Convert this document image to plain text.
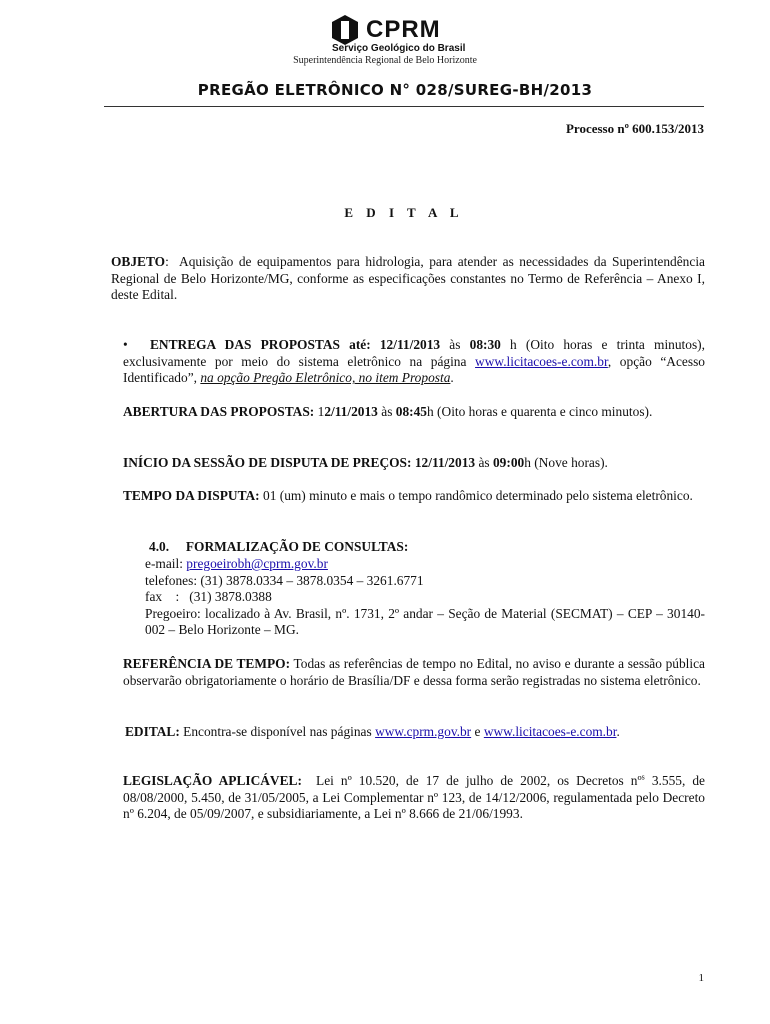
CPRM
Serviço Geológico do Brasil
Superintendência Regional de Belo Horizonte
PREGÃO ELETRÔNICO N° 028/SUREG-BH/2013
Processo nº 600.153/2013
E D I T A L
OBJETO:  Aquisição de equipamentos para hidrologia, para atender as necessidades da Superintendência Regional de Belo Horizonte/MG, conforme as especificações constantes no Termo de Referência – Anexo I, deste Edital.
• ENTREGA DAS PROPOSTAS até: 12/11/2013 às 08:30 h (Oito horas e trinta minutos), exclusivamente por meio do sistema eletrônico na página www.licitacoes-e.com.br, opção “Acesso Identificado”, na opção Pregão Eletrônico, no item Proposta.
ABERTURA DAS PROPOSTAS: 12/11/2013 às 08:45h (Oito horas e quarenta e cinco minutos).
INÍCIO DA SESSÃO DE DISPUTA DE PREÇOS: 12/11/2013 às 09:00h (Nove horas).
TEMPO DA DISPUTA: 01 (um) minuto e mais o tempo randômico determinado pelo sistema eletrônico.
4.0. FORMALIZAÇÃO DE CONSULTAS:
e-mail: pregoeirobh@cprm.gov.br
telefones: (31) 3878.0334 – 3878.0354 – 3261.6771
fax    :   (31) 3878.0388
Pregoeiro: localizado à Av. Brasil, nº. 1731, 2º andar – Seção de Material (SECMAT) – CEP – 30140-002 – Belo Horizonte – MG.
REFERÊNCIA DE TEMPO: Todas as referências de tempo no Edital, no aviso e durante a sessão pública observarão obrigatoriamente o horário de Brasília/DF e dessa forma serão registradas no sistema eletrônico.
EDITAL: Encontra-se disponível nas páginas www.cprm.gov.br e www.licitacoes-e.com.br.
LEGISLAÇÃO APLICÁVEL: Lei nº 10.520, de 17 de julho de 2002, os Decretos nº$^s$ 3.555, de 08/08/2000, 5.450, de 31/05/2005, a Lei Complementar nº 123, de 14/12/2006, regulamentada pelo Decreto nº 6.204, de 05/09/2007, e subsidiariamente, a Lei nº 8.666 de 21/06/1993.
1
